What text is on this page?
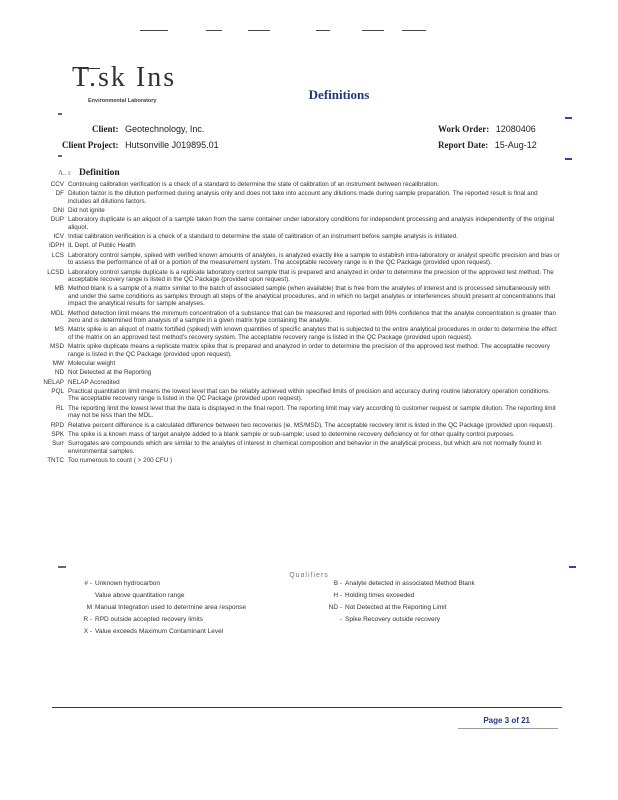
T.sk Ins
Environmental Laboratory	Definitions
Client: Geotechnology, Inc.
Client Project: Hutsonville J019895.01
Work Order: 12080406
Report Date: 15-Aug-12
A.. r Definition
CCV Continuing calibration verification is a check of a standard to determine the state of calibration of an instrument between recalibration.
DF Dilution factor is the dilution performed during analysis only and does not take into account any dilutions made during sample preparation. The reported result is final and includes all dilutions factors.
DNI Did not ignite
DUP Laboratory duplicate is an aliquot of a sample taken from the same container under laboratory conditions for independent processing and analysis independently of the original aliquot.
ICV Initial calibration verification is a check of a standard to determine the state of calibration of an instrument before sample analysis is initiated.
IDPH IL Dept. of Public Health
LCS Laboratory control sample, spiked with verified known amounts of analytes, is analyzed exactly like a sample to establish intra-laboratory or analyst specific precision and bias or to assess the performance of all or a portion of the measurement system. The acceptable recovery range is in the QC Package (provided upon request).
LCSD Laboratory control sample duplicate is a replicate laboratory control sample that is prepared and analyzed in order to determine the precision of the approved test method. The acceptable recovery range is listed in the QC Package (provided upon request).
MB Method blank is a sample of a matrix similar to the batch of associated sample (when available) that is free from the analytes of interest and is processed simultaneously with and under the same conditions as samples through all steps of the analytical procedures, and in which no target analytes or interferences should present at concentrations that impact the analytical results for sample analyses.
MDL Method detection limit means the minimum concentration of a substance that can be measured and reported with 99% confidence that the analyte concentration is greater than zero and is determined from analysis of a sample in a given matrix type containing the analyte.
MS Matrix spike is an aliquot of matrix fortified (spiked) with known quantities of specific analytes that is subjected to the entire analytical procedures in order to determine the effect of the matrix on an approved test method's recovery system. The acceptable recovery range is listed in the QC Package (provided upon request).
MSD Matrix spike duplicate means a replicate matrix spike that is prepared and analyzed in order to determine the precision of the approved test method. The acceptable recovery range is listed in the QC Package (provided upon request).
MW Molecular weight
ND Not Detected at the Reporting
NELAP NELAP Accredited
PQL Practical quantitation limit means the lowest level that can be reliably achieved within specified limits of precision and accuracy during routine laboratory operation conditions. The acceptable recovery range is listed in the QC Package (provided upon request).
RL The reporting limit the lowest level that the data is displayed in the final report. The reporting limit may vary according to customer request or sample dilution. The reporting limit may not be less than the MDL.
RPD Relative percent difference is a calculated difference between two recoveries (ie. MS/MSD). The acceptable recovery limit is listed in the QC Package (provided upon request).
SPK The spike is a known mass of target analyte added to a blank sample or sub-sample; used to determine recovery deficiency or for other quality control purposes.
Surr Surrogates are compounds which are similar to the analytes of interest in chemical composition and behavior in the analytical process, but which are not normally found in environmental samples.
TNTC Too numerous to count ( > 200 CFU )
Qualifiers
# - Unknown hydrocarbon
Value above quantitation range
M Manual Integration used to determine area response
R - RPD outside accepted recovery limits
X - Value exceeds Maximum Contaminant Level
B - Analyte detected in associated Method Blank
H - Holding times exceeded
ND - Not Detected at the Reporting Limit
- Spike Recovery outside recovery
Page 3 of 21
